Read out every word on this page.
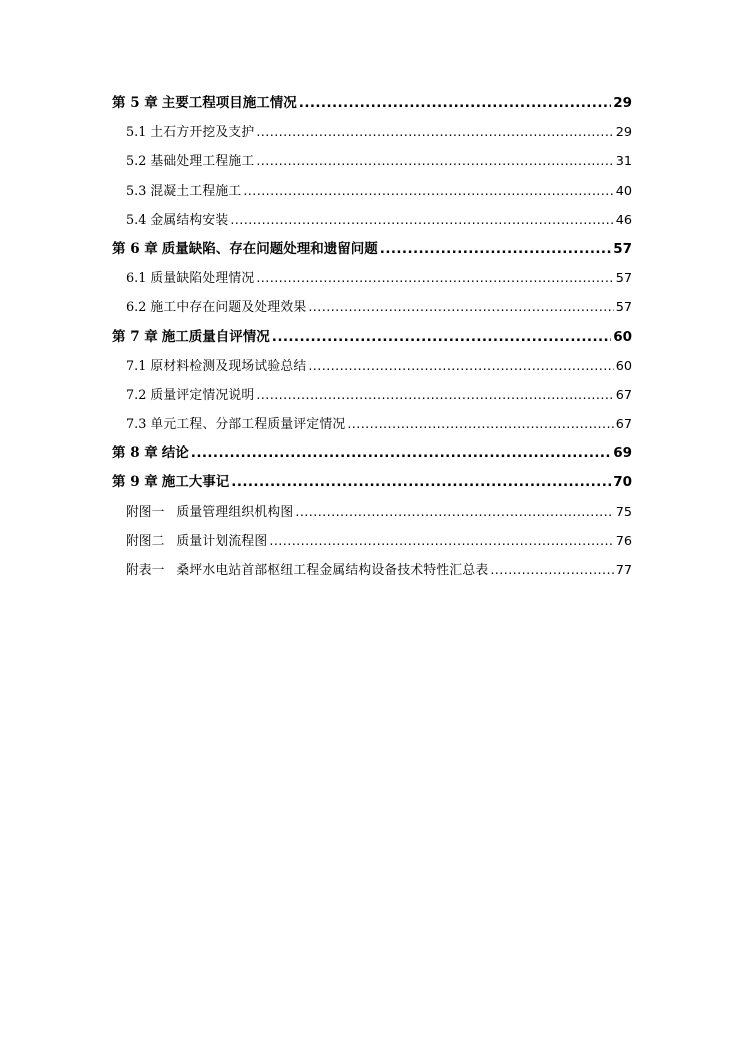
第 5 章 主要工程项目施工情况 .....	29
5.1 土石方开挖及支护 .....	29
5.2 基础处理工程施工 .....	31
5.3 混凝土工程施工 .....	40
5.4 金属结构安装 .....	46
第 6 章 质量缺陷、存在问题处理和遗留问题 .....	57
6.1 质量缺陷处理情况 .....	57
6.2 施工中存在问题及处理效果 .....	57
第 7 章 施工质量自评情况 .....	60
7.1 原材料检测及现场试验总结 .....	60
7.2 质量评定情况说明 .....	67
7.3 单元工程、分部工程质量评定情况 .....	67
第 8 章 结论 .....	69
第 9 章 施工大事记 .....	70
附图一 质量管理组织机构图 .....	75
附图二 质量计划流程图 .....	76
附表一 桑坪水电站首部枢纽工程金属结构设备技术特性汇总表 .....	77
